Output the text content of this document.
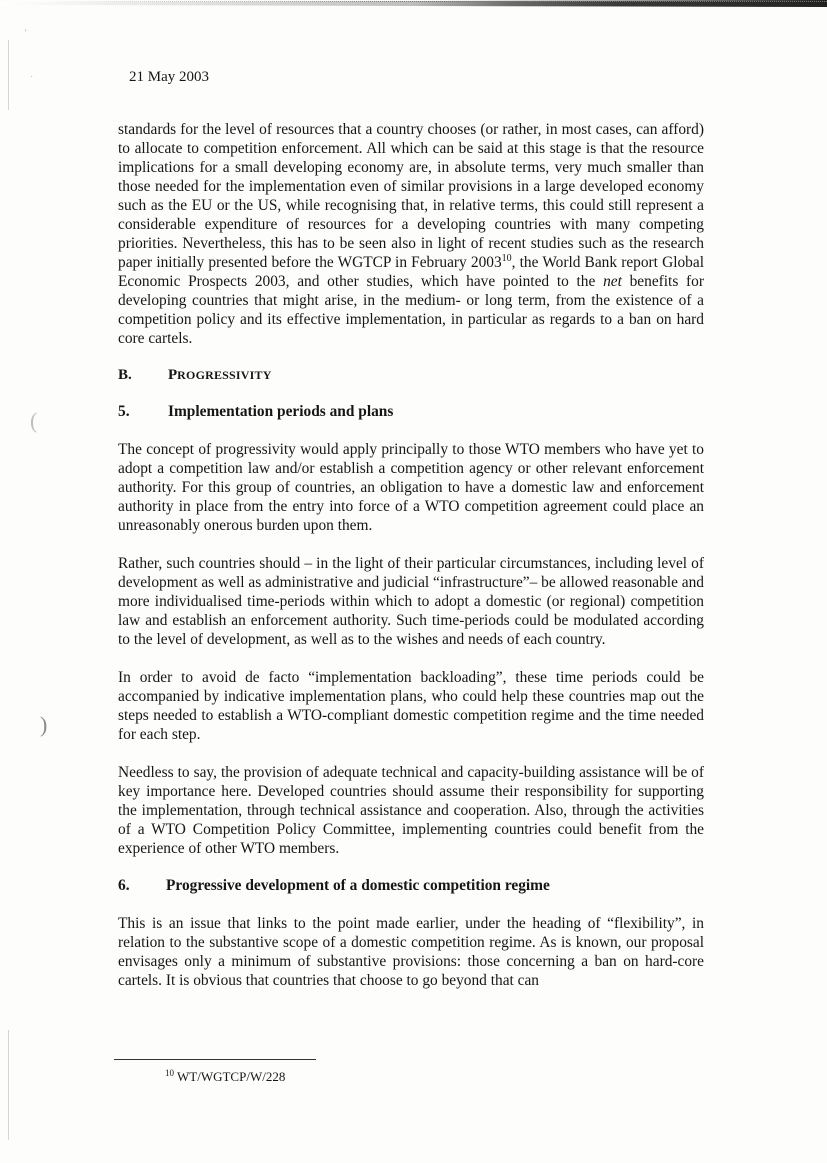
ʻ
·
(
)
21 May 2003

standards for the level of resources that a country chooses (or rather, in most cases, can afford) to allocate to competition enforcement. All which can be said at this stage is that the resource implications for a small developing economy are, in absolute terms, very much smaller than those needed for the implementation even of similar provisions in a large developed economy such as the EU or the US, while recognising that, in relative terms, this could still represent a considerable expenditure of resources for a developing countries with many competing priorities. Nevertheless, this has to be seen also in light of recent studies such as the research paper initially presented before the WGTCP in February 2003$^{10}$, the World Bank report Global Economic Prospects 2003, and other studies, which have pointed to the net benefits for developing countries that might arise, in the medium- or long term, from the existence of a competition policy and its effective implementation, in particular as regards to a ban on hard core cartels.

B.	PROGRESSIVITY
5.	Implementation periods and plans

The concept of progressivity would apply principally to those WTO members who have yet to adopt a competition law and/or establish a competition agency or other relevant enforcement authority. For this group of countries, an obligation to have a domestic law and enforcement authority in place from the entry into force of a WTO competition agreement could place an unreasonably onerous burden upon them.

Rather, such countries should – in the light of their particular circumstances, including level of development as well as administrative and judicial “infrastructure”– be allowed reasonable and more individualised time-periods within which to adopt a domestic (or regional) competition law and establish an enforcement authority. Such time-periods could be modulated according to the level of development, as well as to the wishes and needs of each country.

In order to avoid de facto “implementation backloading”, these time periods could be accompanied by indicative implementation plans, who could help these countries map out the steps needed to establish a WTO-compliant domestic competition regime and the time needed for each step.

Needless to say, the provision of adequate technical and capacity-building assistance will be of key importance here. Developed countries should assume their responsibility for supporting the implementation, through technical assistance and cooperation. Also, through the activities of a WTO Competition Policy Committee, implementing countries could benefit from the experience of other WTO members.

6.	Progressive development of a domestic competition regime

This is an issue that links to the point made earlier, under the heading of “flexibility”, in relation to the substantive scope of a domestic competition regime. As is known, our proposal envisages only a minimum of substantive provisions: those concerning a ban on hard-core cartels. It is obvious that countries that choose to go beyond that can

$^{10}$ WT/WGTCP/W/228
